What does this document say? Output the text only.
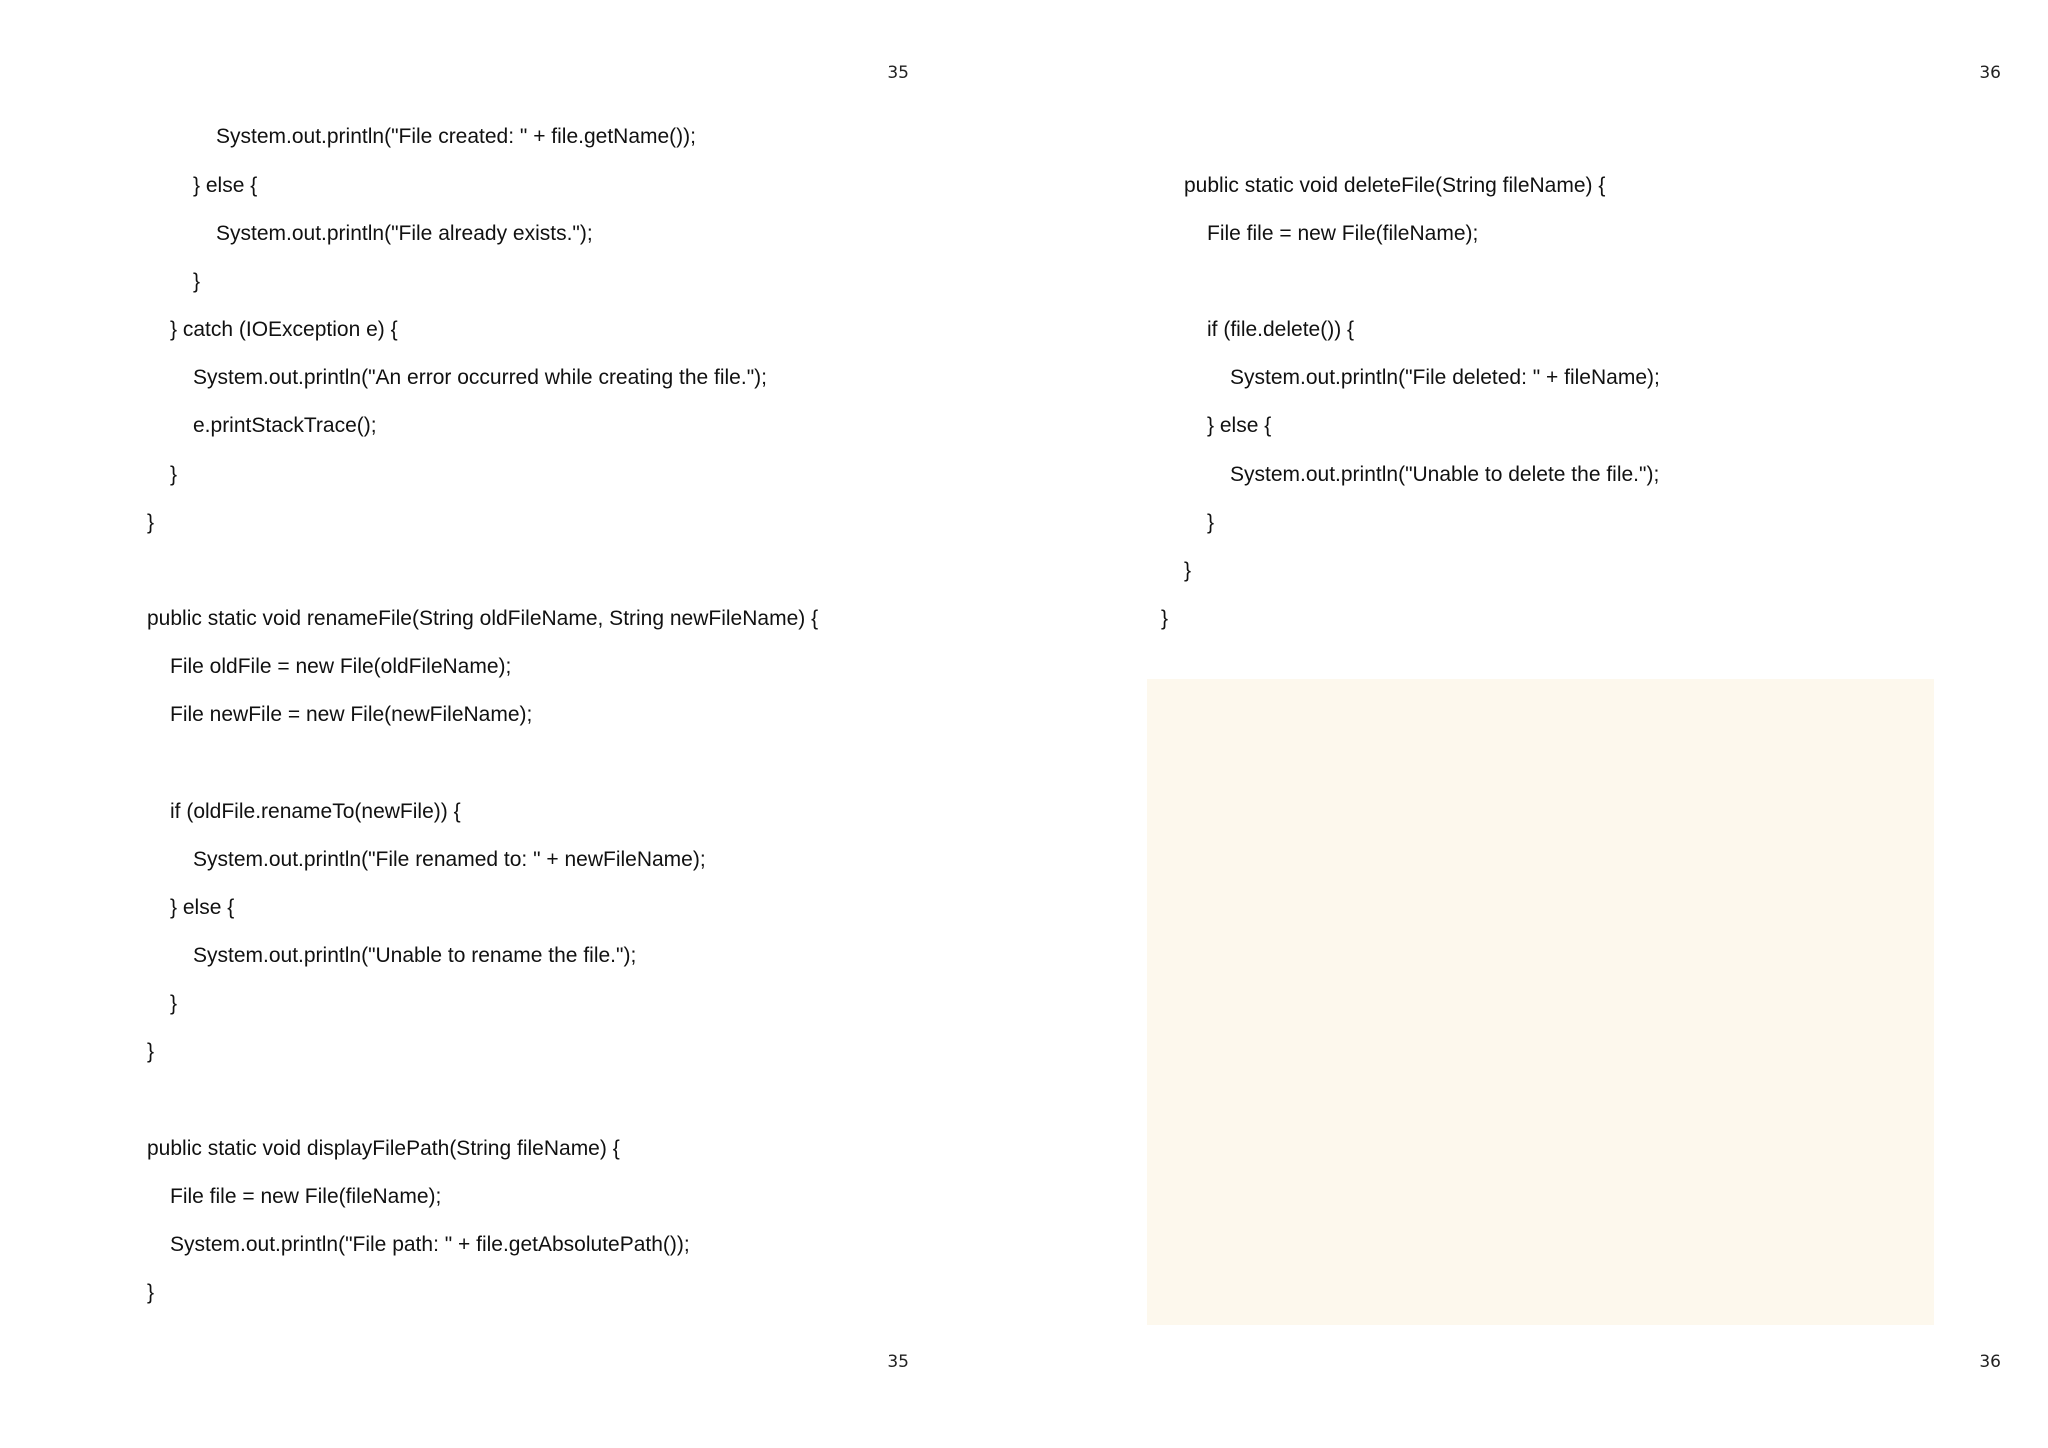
35
System.out.println("File created: " + file.getName());
} else {
System.out.println("File already exists.");
}
} catch (IOException e) {
System.out.println("An error occurred while creating the file.");
e.printStackTrace();
}
}
public static void renameFile(String oldFileName, String newFileName) {
File oldFile = new File(oldFileName);
File newFile = new File(newFileName);
if (oldFile.renameTo(newFile)) {
System.out.println("File renamed to: " + newFileName);
} else {
System.out.println("Unable to rename the file.");
}
}
public static void displayFilePath(String fileName) {
File file = new File(fileName);
System.out.println("File path: " + file.getAbsolutePath());
}
35
36
public static void deleteFile(String fileName) {
File file = new File(fileName);
if (file.delete()) {
System.out.println("File deleted: " + fileName);
} else {
System.out.println("Unable to delete the file.");
}
}
}
36
